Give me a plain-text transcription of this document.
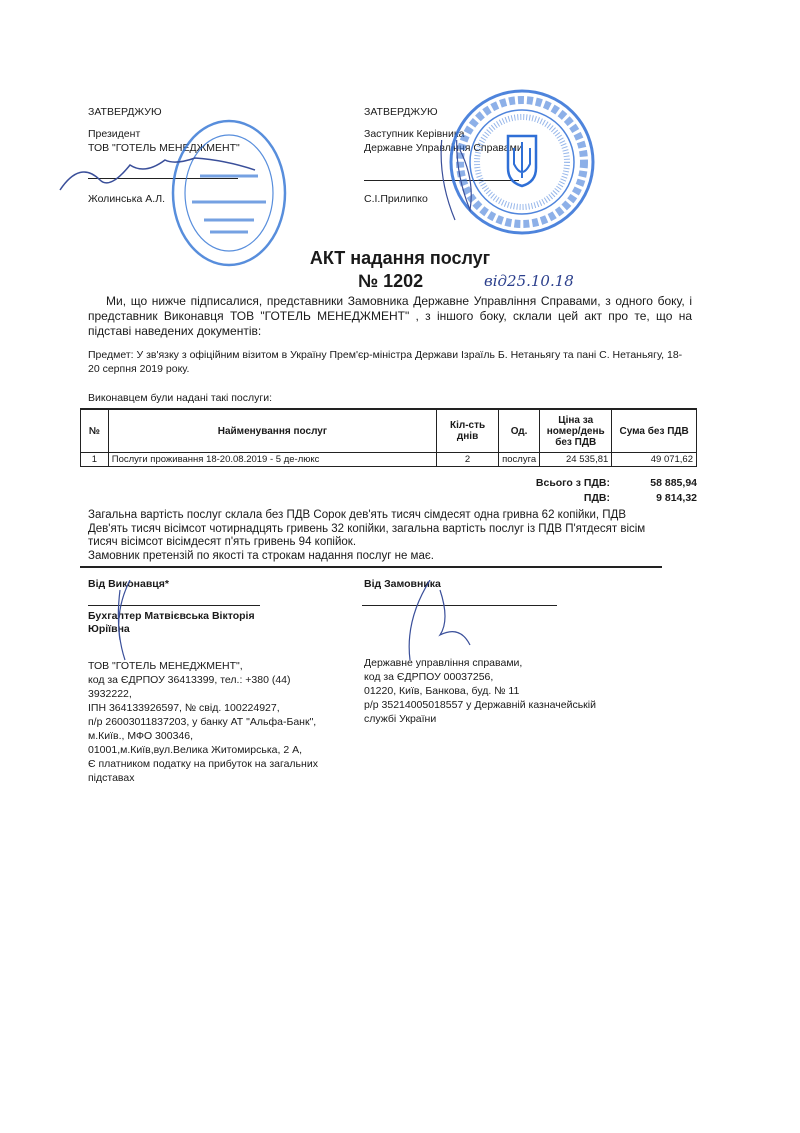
ЗАТВЕРДЖУЮ
Президент
ТОВ "ГОТЕЛЬ МЕНЕДЖМЕНТ"
Жолинська А.Л.
ЗАТВЕРДЖУЮ
Заступник Керівника
Державне Управління Справами
С.І.Прилипко
АКТ надання послуг
№ 1202	від25.10.18
Ми, що нижче підписалися, представники Замовника Державне Управління Справами, з одного боку, і представник Виконавця ТОВ "ГОТЕЛЬ МЕНЕДЖМЕНТ" , з іншого боку, склали цей акт про те, що на підставі наведених документів:
Предмет: У зв'язку з офіційним візитом в Україну Прем'єр-міністра Держави Ізраїль Б. Нетаньягу та пані С. Нетаньягу, 18-20 серпня 2019 року.
Виконавцем були надані такі послуги:
№	Найменування послуг	Кіл-сть днів	Од.	Ціна за номер/день без ПДВ	Сума без ПДВ
1	Послуги проживання 18-20.08.2019 - 5 де-люкс	2	послуга	24 535,81	49 071,62
Всього з ПДВ:	58 885,94
ПДВ:	9 814,32
Загальна вартість послуг склала без ПДВ Сорок дев'ять тисяч сімдесят одна гривна 62 копійки, ПДВ Дев'ять тисяч вісімсот чотирнадцять гривень 32 копійки, загальна вартість послуг із ПДВ П'ятдесят вісім тисяч вісімсот вісімдесят п'ять гривень 94 копійок.
Замовник претензій по якості та строкам надання послуг не має.
Від Виконавця*	Від Замовника
Бухгалтер Матвієвська Вікторія Юріївна
ТОВ "ГОТЕЛЬ МЕНЕДЖМЕНТ",
код за ЄДРПОУ 36413399, тел.: +380 (44)
3932222,
ІПН 364133926597, № свід. 100224927,
п/р 26003011837203, у банку АТ "Альфа-Банк",
м.Київ., МФО 300346,
01001,м.Київ,вул.Велика Житомирська, 2 А,
Є платником податку на прибуток на загальних
підставах
Державне управління справами,
код за ЄДРПОУ 00037256,
01220, Київ, Банкова, буд. № 11
р/р 35214005018557 у Державній казначейській
службі України
